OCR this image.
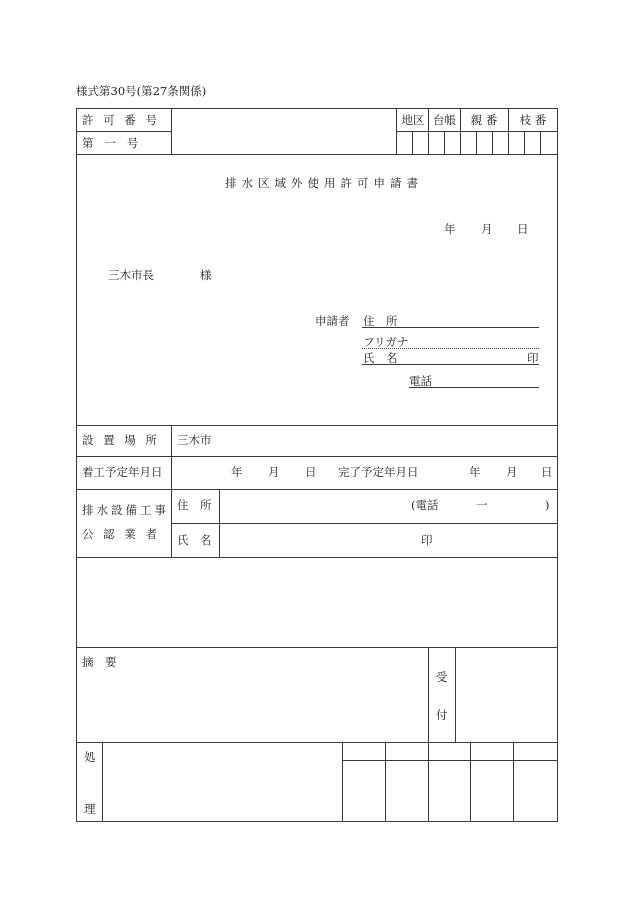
様式第30号(第27条関係)
許 可 番 号
第   一   号
地区 台帳	親 番	枝 番
排水区域外使用許可申請書
年 月 日
三木市長	様
申請者 住　所
フリガナ
氏　名	印
電話
設 置 場 所	三木市
着工予定年月日	年 月 日 完了予定年月日	年 月 日
排水設備工事
公 認 業 者
住　所	(電話	一	)
氏　名	印
摘　要
受
付
処
理
